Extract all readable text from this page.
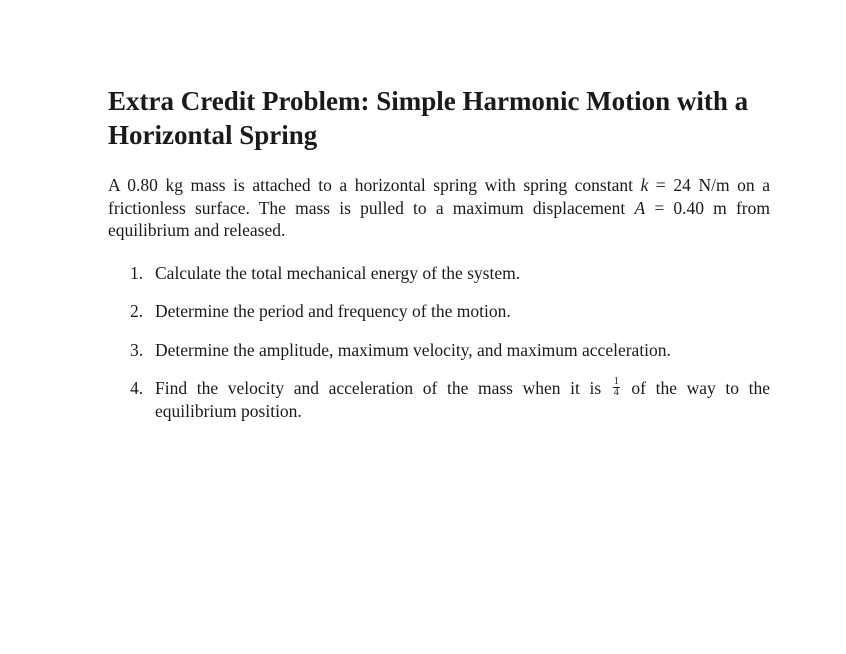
Extra Credit Problem: Simple Harmonic Motion with a Horizontal Spring

A 0.80 kg mass is attached to a horizontal spring with spring constant k = 24 N/m on a frictionless surface. The mass is pulled to a maximum displacement A = 0.40 m from equilibrium and released.

1. Calculate the total mechanical energy of the system.
2. Determine the period and frequency of the motion.
3. Determine the amplitude, maximum velocity, and maximum acceleration.
4. Find the velocity and acceleration of the mass when it is $\frac{1}{4}$ of the way to the equilibrium position.
